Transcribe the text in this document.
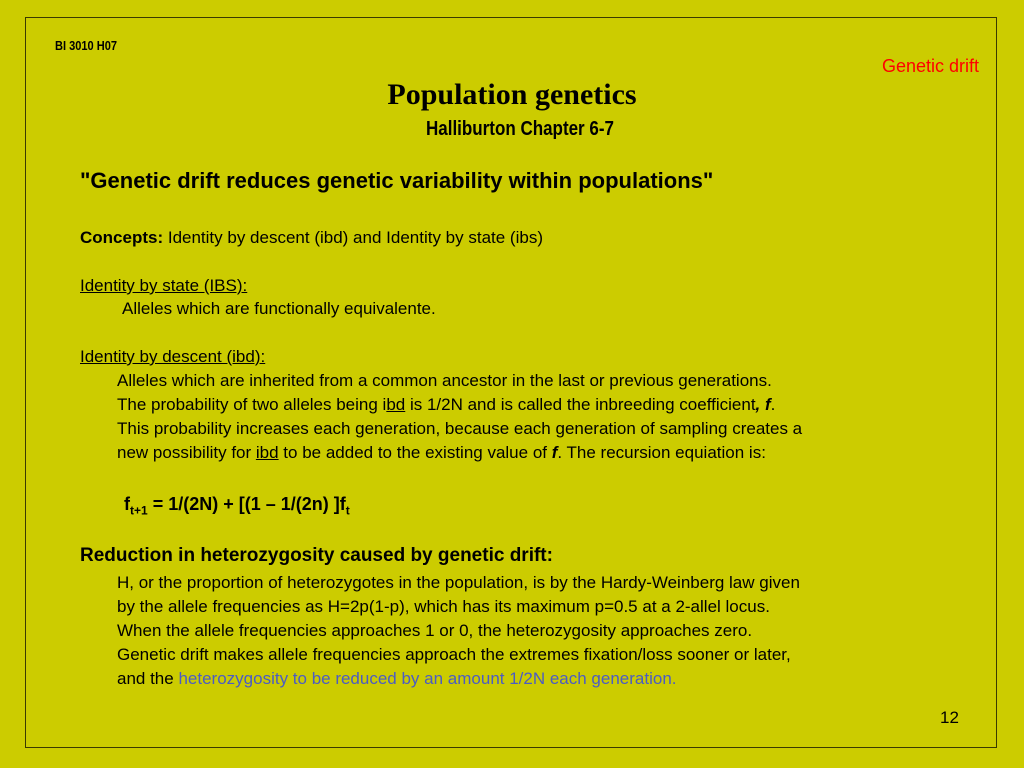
BI 3010 H07
Genetic drift
Population genetics
Halliburton Chapter 6-7
"Genetic drift reduces genetic variability within populations"
Concepts: Identity by descent (ibd) and Identity by state (ibs)
Identity by state (IBS):
Alleles which are functionally equivalente.
Identity by descent (ibd):
Alleles which are inherited from a common ancestor in the last or previous generations.
The probability of two alleles being ibd is 1/2N and is called the inbreeding coefficient, f.
This probability increases each generation, because each generation of sampling creates a
new possibility for ibd to be added to the existing value of f. The recursion equiation is:
$f_{t+1} = 1/(2N) + [(1 - 1/(2n)$ ]$f_t$
Reduction in heterozygosity caused by genetic drift:
H, or the proportion of heterozygotes in the population, is by the Hardy-Weinberg law given
by the allele frequencies as H=2p(1-p), which has its maximum p=0.5 at a 2-allel locus.
When the allele frequencies approaches 1 or 0, the heterozygosity approaches zero.
Genetic drift makes allele frequencies approach the extremes fixation/loss sooner or later,
and the heterozygosity to be reduced by an amount 1/2N each generation.
12
